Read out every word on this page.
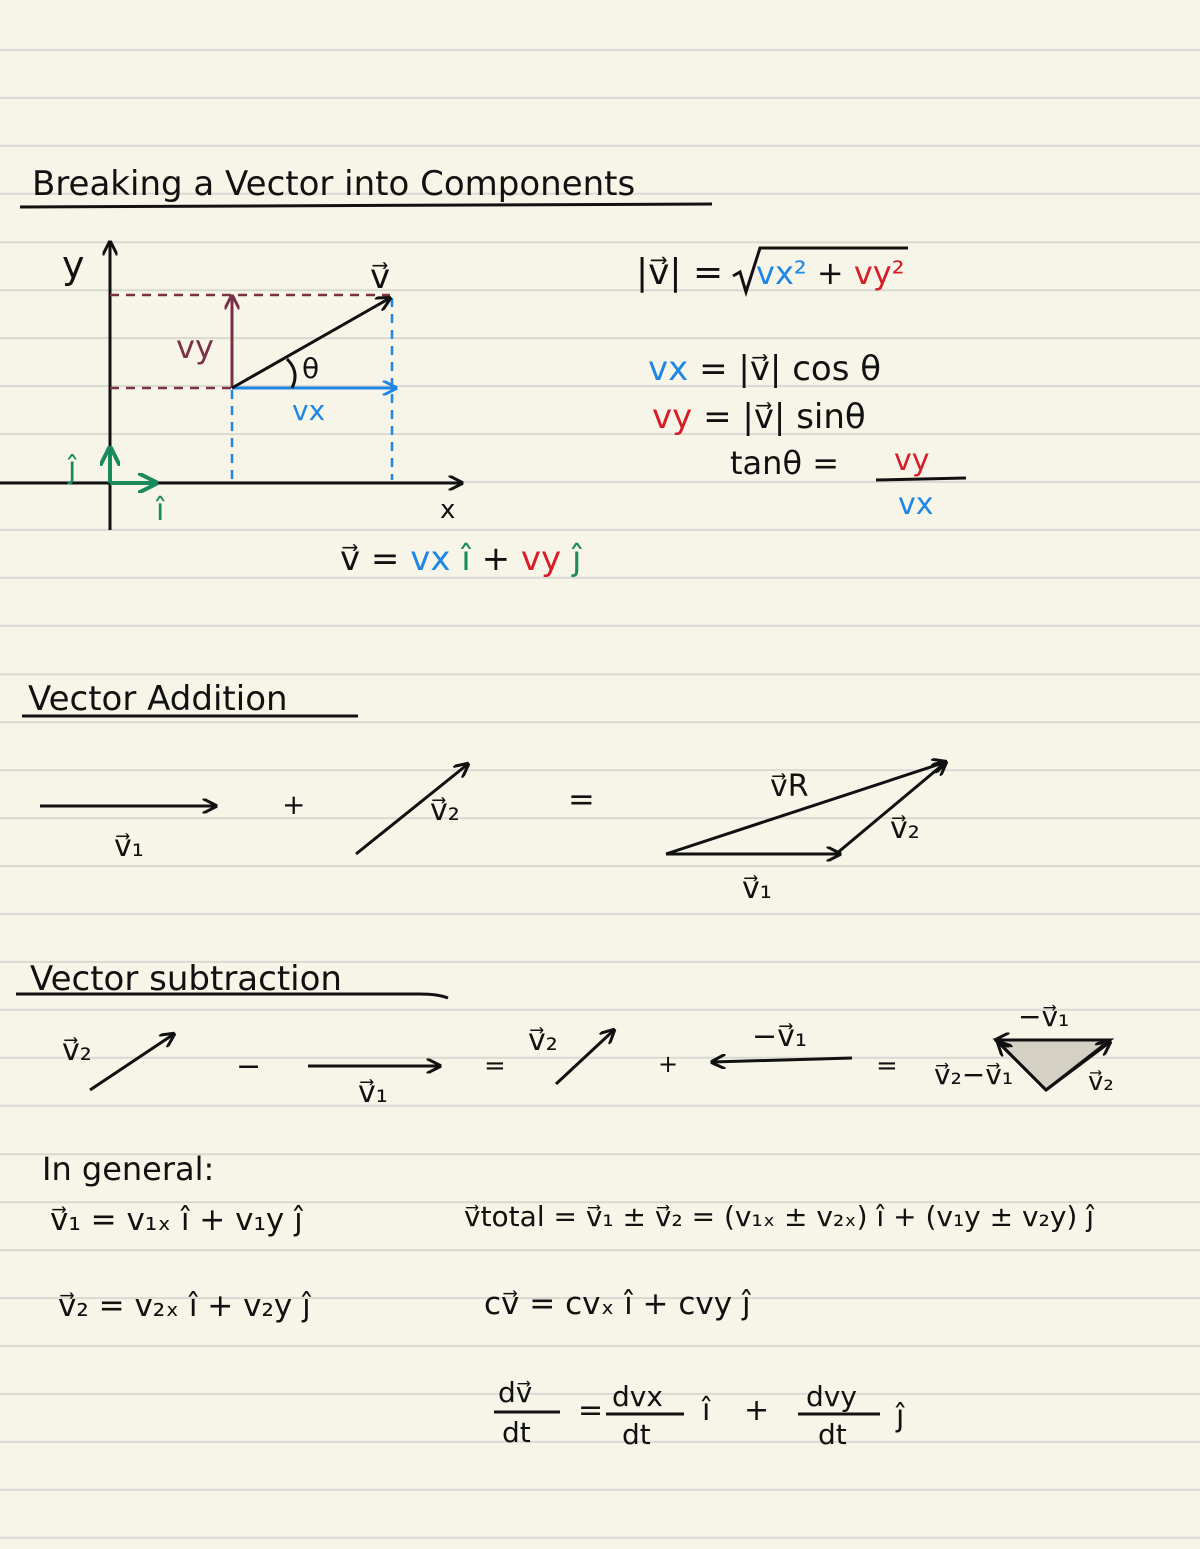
Breaking a Vector into Components
y
x
v⃗
vy
vx
θ
ĵ
î
v⃗ = vx î + vy ĵ
|v⃗| = vx² + vy²
vx = |v⃗| cos θ
vy = |v⃗| sinθ
tanθ = vy
vx
Vector Addition
v⃗₁
+	v⃗₂	=	v⃗R
v⃗₂
v⃗₁
Vector subtraction
v⃗₂	−
v⃗₁
=
v⃗₂
+
−v⃗₁
= v⃗₂−v⃗₁
−v⃗₁
v⃗₂
In general:
v⃗₁ = v₁ₓ î + v₁y ĵ
v⃗₂ = v₂ₓ î + v₂y ĵ
v⃗total = v⃗₁ ± v⃗₂ = (v₁ₓ ± v₂ₓ) î + (v₁y ± v₂y) ĵ
cv⃗ = cvₓ î + cvy ĵ
dv⃗
dt
= dvx
dt
î + dvy
dt
ĵ
